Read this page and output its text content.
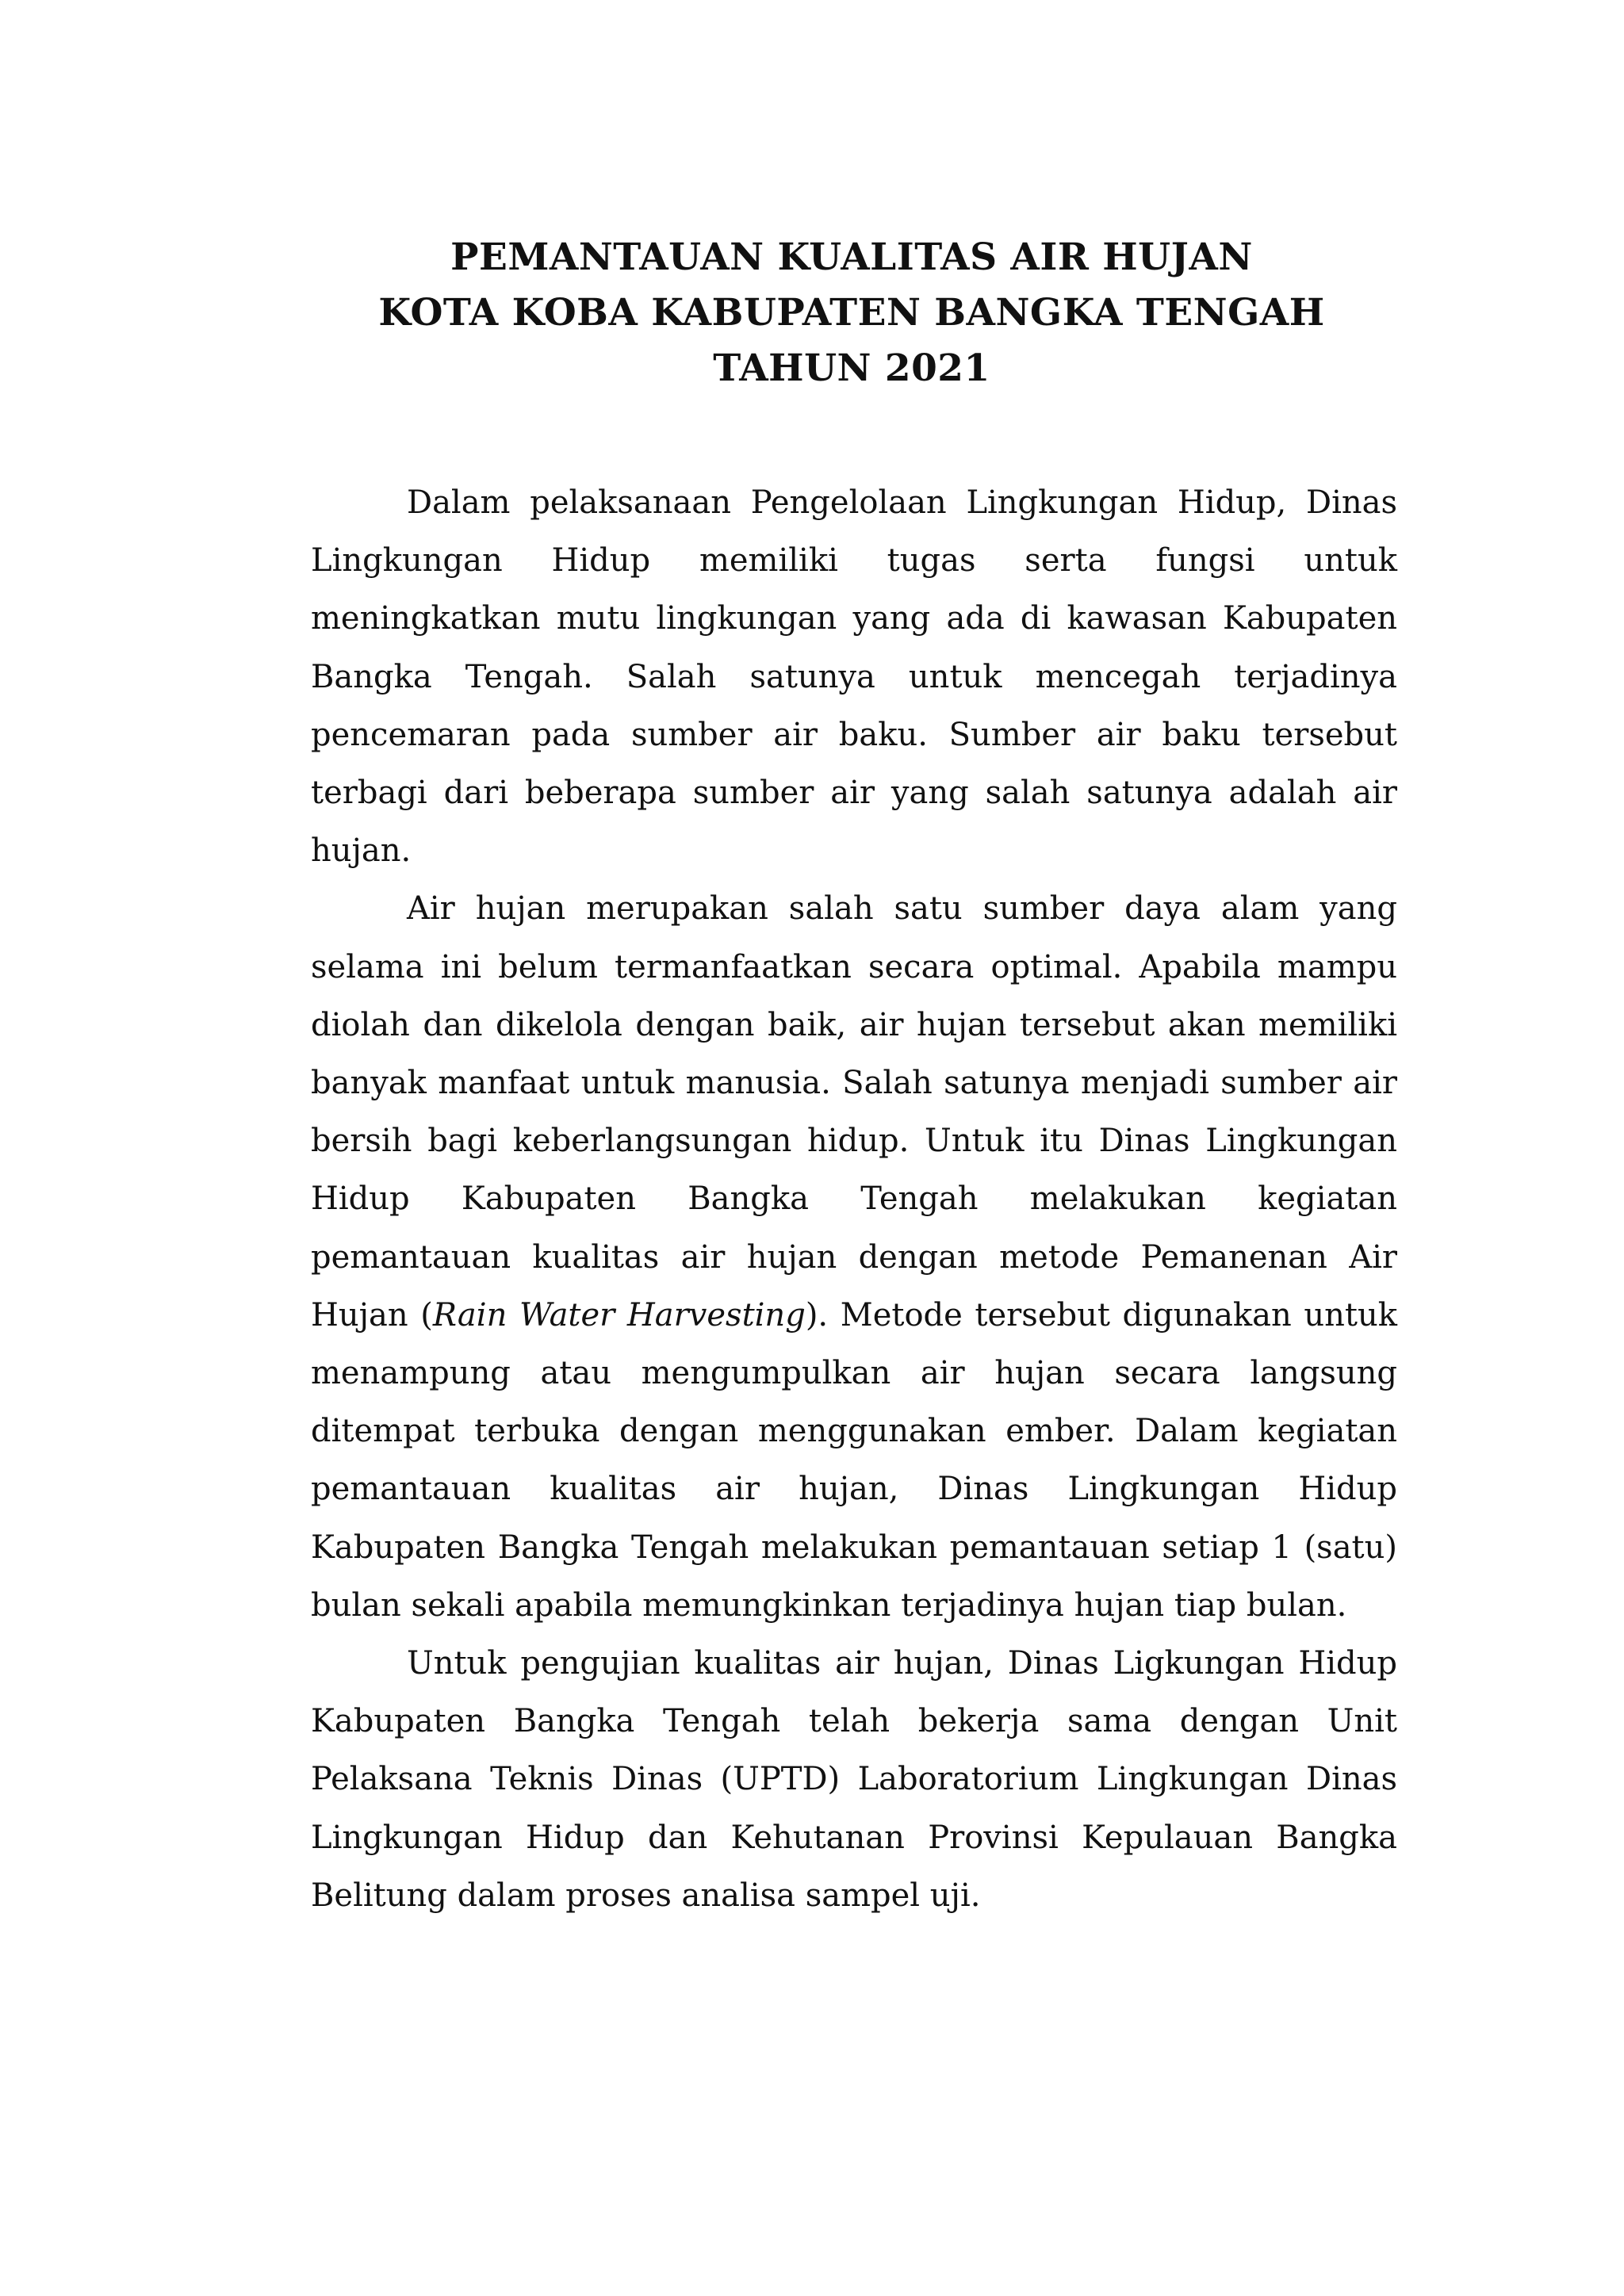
PEMANTAUAN KUALITAS AIR HUJAN
KOTA KOBA KABUPATEN BANGKA TENGAH
TAHUN 2021

Dalam pelaksanaan Pengelolaan Lingkungan Hidup, Dinas Lingkungan Hidup memiliki tugas serta fungsi untuk meningkatkan mutu lingkungan yang ada di kawasan Kabupaten Bangka Tengah. Salah satunya untuk mencegah terjadinya pencemaran pada sumber air baku. Sumber air baku tersebut terbagi dari beberapa sumber air yang salah satunya adalah air hujan.

Air hujan merupakan salah satu sumber daya alam yang selama ini belum termanfaatkan secara optimal. Apabila mampu diolah dan dikelola dengan baik, air hujan tersebut akan memiliki banyak manfaat untuk manusia. Salah satunya menjadi sumber air bersih bagi keberlangsungan hidup. Untuk itu Dinas Lingkungan Hidup Kabupaten Bangka Tengah melakukan kegiatan pemantauan kualitas air hujan dengan metode Pemanenan Air Hujan (Rain Water Harvesting). Metode tersebut digunakan untuk menampung atau mengumpulkan air hujan secara langsung ditempat terbuka dengan menggunakan ember. Dalam kegiatan pemantauan kualitas air hujan, Dinas Lingkungan Hidup Kabupaten Bangka Tengah melakukan pemantauan setiap 1 (satu) bulan sekali apabila memungkinkan terjadinya hujan tiap bulan.

Untuk pengujian kualitas air hujan, Dinas Ligkungan Hidup Kabupaten Bangka Tengah telah bekerja sama dengan Unit Pelaksana Teknis Dinas (UPTD) Laboratorium Lingkungan Dinas Lingkungan Hidup dan Kehutanan Provinsi Kepulauan Bangka Belitung dalam proses analisa sampel uji.
